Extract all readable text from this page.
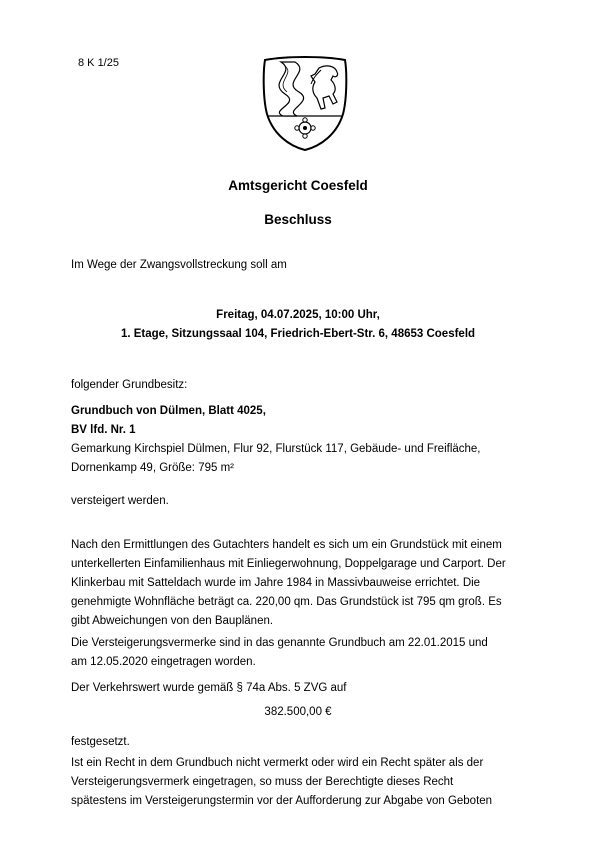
8 K 1/25
Amtsgericht Coesfeld
Beschluss
Im Wege der Zwangsvollstreckung soll am
Freitag, 04.07.2025, 10:00 Uhr,
1. Etage, Sitzungssaal 104, Friedrich-Ebert-Str. 6, 48653 Coesfeld
folgender Grundbesitz:
Grundbuch von Dülmen, Blatt 4025,
BV lfd. Nr. 1
Gemarkung Kirchspiel Dülmen, Flur 92, Flurstück 117, Gebäude- und Freifläche,
Dornenkamp 49, Größe: 795 m²
versteigert werden.
Nach den Ermittlungen des Gutachters handelt es sich um ein Grundstück mit einem
unterkellerten Einfamilienhaus mit Einliegerwohnung, Doppelgarage und Carport. Der
Klinkerbau mit Satteldach wurde im Jahre 1984 in Massivbauweise errichtet. Die
genehmigte Wohnfläche beträgt ca. 220,00 qm. Das Grundstück ist 795 qm groß. Es
gibt Abweichungen von den Bauplänen.
Die Versteigerungsvermerke sind in das genannte Grundbuch am 22.01.2015 und
am 12.05.2020 eingetragen worden.
Der Verkehrswert wurde gemäß § 74a Abs. 5 ZVG auf
382.500,00 €
festgesetzt.
Ist ein Recht in dem Grundbuch nicht vermerkt oder wird ein Recht später als der
Versteigerungsvermerk eingetragen, so muss der Berechtigte dieses Recht
spätestens im Versteigerungstermin vor der Aufforderung zur Abgabe von Geboten
